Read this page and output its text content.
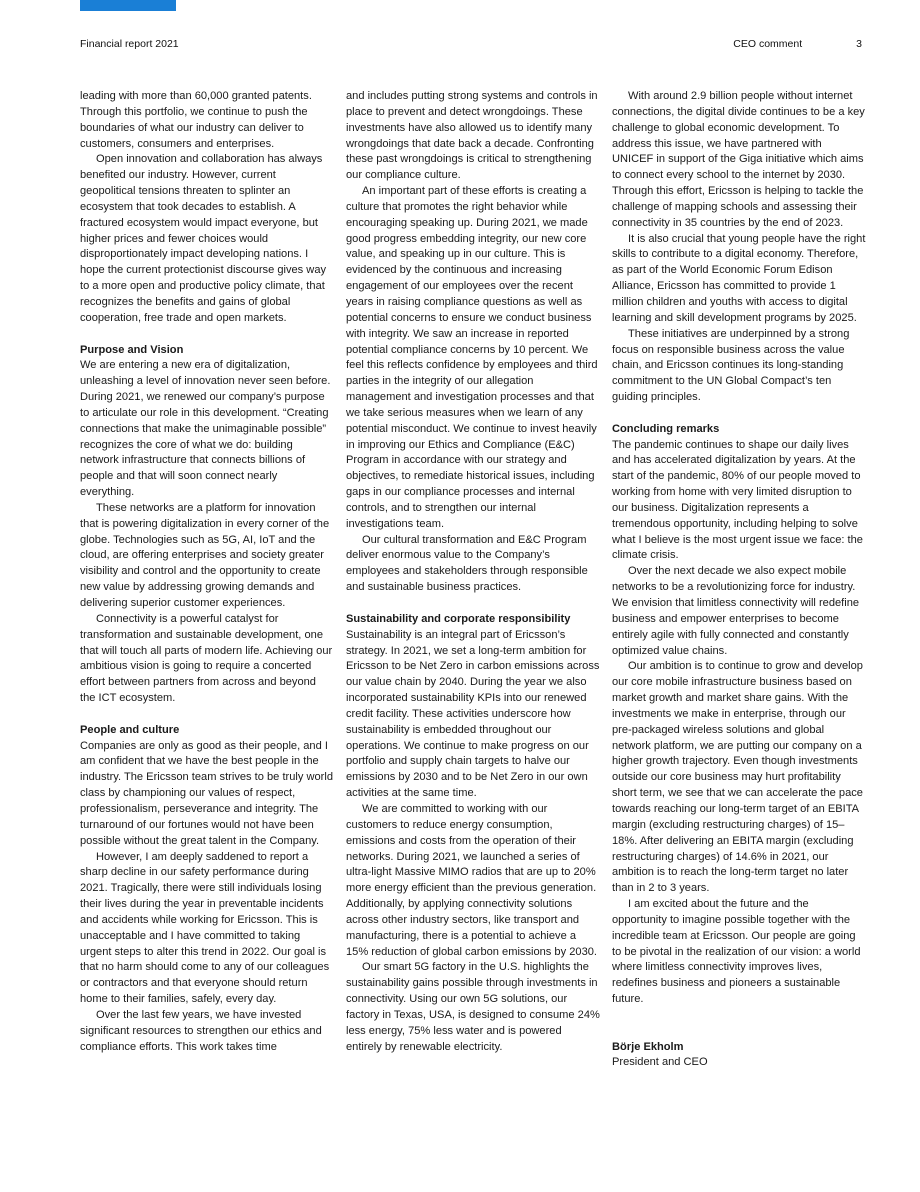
Financial report 2021	CEO comment	3

leading with more than 60,000 granted patents. Through this portfolio, we continue to push the boundaries of what our industry can deliver to customers, consumers and enterprises.

Open innovation and collaboration has always benefited our industry. However, current geopolitical tensions threaten to splinter an ecosystem that took decades to establish. A fractured ecosystem would impact everyone, but higher prices and fewer choices would disproportionately impact developing nations. I hope the current protectionist discourse gives way to a more open and productive policy climate, that recognizes the benefits and gains of global cooperation, free trade and open markets.

Purpose and Vision

We are entering a new era of digitalization, unleashing a level of innovation never seen before. During 2021, we renewed our company’s purpose to articulate our role in this development. “Creating connections that make the unimaginable possible” recognizes the core of what we do: building network infrastructure that connects billions of people and that will soon connect nearly everything.

These networks are a platform for innovation that is powering digitalization in every corner of the globe. Technologies such as 5G, AI, IoT and the cloud, are offering enterprises and society greater visibility and control and the opportunity to create new value by addressing growing demands and delivering superior customer experiences.

Connectivity is a powerful catalyst for transformation and sustainable development, one that will touch all parts of modern life. Achieving our ambitious vision is going to require a concerted effort between partners from across and beyond the ICT ecosystem.

People and culture

Companies are only as good as their people, and I am confident that we have the best people in the industry. The Ericsson team strives to be truly world class by championing our values of respect, professionalism, perseverance and integrity. The turnaround of our fortunes would not have been possible without the great talent in the Company.

However, I am deeply saddened to report a sharp decline in our safety performance during 2021. Tragically, there were still individuals losing their lives during the year in preventable incidents and accidents while working for Ericsson. This is unacceptable and I have committed to taking urgent steps to alter this trend in 2022. Our goal is that no harm should come to any of our colleagues or contractors and that everyone should return home to their families, safely, every day.

Over the last few years, we have invested significant resources to strengthen our ethics and compliance efforts. This work takes time

and includes putting strong systems and controls in place to prevent and detect wrongdoings. These investments have also allowed us to identify many wrongdoings that date back a decade. Confronting these past wrongdoings is critical to strengthening our compliance culture.

An important part of these efforts is creating a culture that promotes the right behavior while encouraging speaking up. During 2021, we made good progress embedding integrity, our new core value, and speaking up in our culture. This is evidenced by the continuous and increasing engagement of our employees over the recent years in raising compliance questions as well as potential concerns to ensure we conduct business with integrity. We saw an increase in reported potential compliance concerns by 10 percent. We feel this reflects confidence by employees and third parties in the integrity of our allegation management and investigation processes and that we take serious measures when we learn of any potential misconduct. We continue to invest heavily in improving our Ethics and Compliance (E&C) Program in accordance with our strategy and objectives, to remediate historical issues, including gaps in our compliance processes and internal controls, and to strengthen our internal investigations team.

Our cultural transformation and E&C Program deliver enormous value to the Company’s employees and stakeholders through responsible and sustainable business practices.

Sustainability and corporate responsibility

Sustainability is an integral part of Ericsson’s strategy. In 2021, we set a long-term ambition for Ericsson to be Net Zero in carbon emissions across our value chain by 2040. During the year we also incorporated sustainability KPIs into our renewed credit facility. These activities underscore how sustainability is embedded throughout our operations. We continue to make progress on our portfolio and supply chain targets to halve our emissions by 2030 and to be Net Zero in our own activities at the same time.

We are committed to working with our customers to reduce energy consumption, emissions and costs from the operation of their networks. During 2021, we launched a series of ultra-light Massive MIMO radios that are up to 20% more energy efficient than the previous generation. Additionally, by applying connectivity solutions across other industry sectors, like transport and manufacturing, there is a potential to achieve a 15% reduction of global carbon emissions by 2030.

Our smart 5G factory in the U.S. highlights the sustainability gains possible through investments in connectivity. Using our own 5G solutions, our factory in Texas, USA, is designed to consume 24% less energy, 75% less water and is powered entirely by renewable electricity.

With around 2.9 billion people without internet connections, the digital divide continues to be a key challenge to global economic development. To address this issue, we have partnered with UNICEF in support of the Giga initiative which aims to connect every school to the internet by 2030. Through this effort, Ericsson is helping to tackle the challenge of mapping schools and assessing their connectivity in 35 countries by the end of 2023.

It is also crucial that young people have the right skills to contribute to a digital economy. Therefore, as part of the World Economic Forum Edison Alliance, Ericsson has committed to provide 1 million children and youths with access to digital learning and skill development programs by 2025.

These initiatives are underpinned by a strong focus on responsible business across the value chain, and Ericsson continues its long-standing commitment to the UN Global Compact’s ten guiding principles.

Concluding remarks

The pandemic continues to shape our daily lives and has accelerated digitalization by years. At the start of the pandemic, 80% of our people moved to working from home with very limited disruption to our business. Digitalization represents a tremendous opportunity, including helping to solve what I believe is the most urgent issue we face: the climate crisis.

Over the next decade we also expect mobile networks to be a revolutionizing force for industry. We envision that limitless connectivity will redefine business and empower enterprises to become entirely agile with fully connected and constantly optimized value chains.

Our ambition is to continue to grow and develop our core mobile infrastructure business based on market growth and market share gains. With the investments we make in enterprise, through our pre-packaged wireless solutions and global network platform, we are putting our company on a higher growth trajectory. Even though investments outside our core business may hurt profitability short term, we see that we can accelerate the pace towards reaching our long-term target of an EBITA margin (excluding restructuring charges) of 15–18%. After delivering an EBITA margin (excluding restructuring charges) of 14.6% in 2021, our ambition is to reach the long-term target no later than in 2 to 3 years.

I am excited about the future and the opportunity to imagine possible together with the incredible team at Ericsson. Our people are going to be pivotal in the realization of our vision: a world where limitless connectivity improves lives, redefines business and pioneers a sustainable future.

Börje Ekholm
President and CEO
